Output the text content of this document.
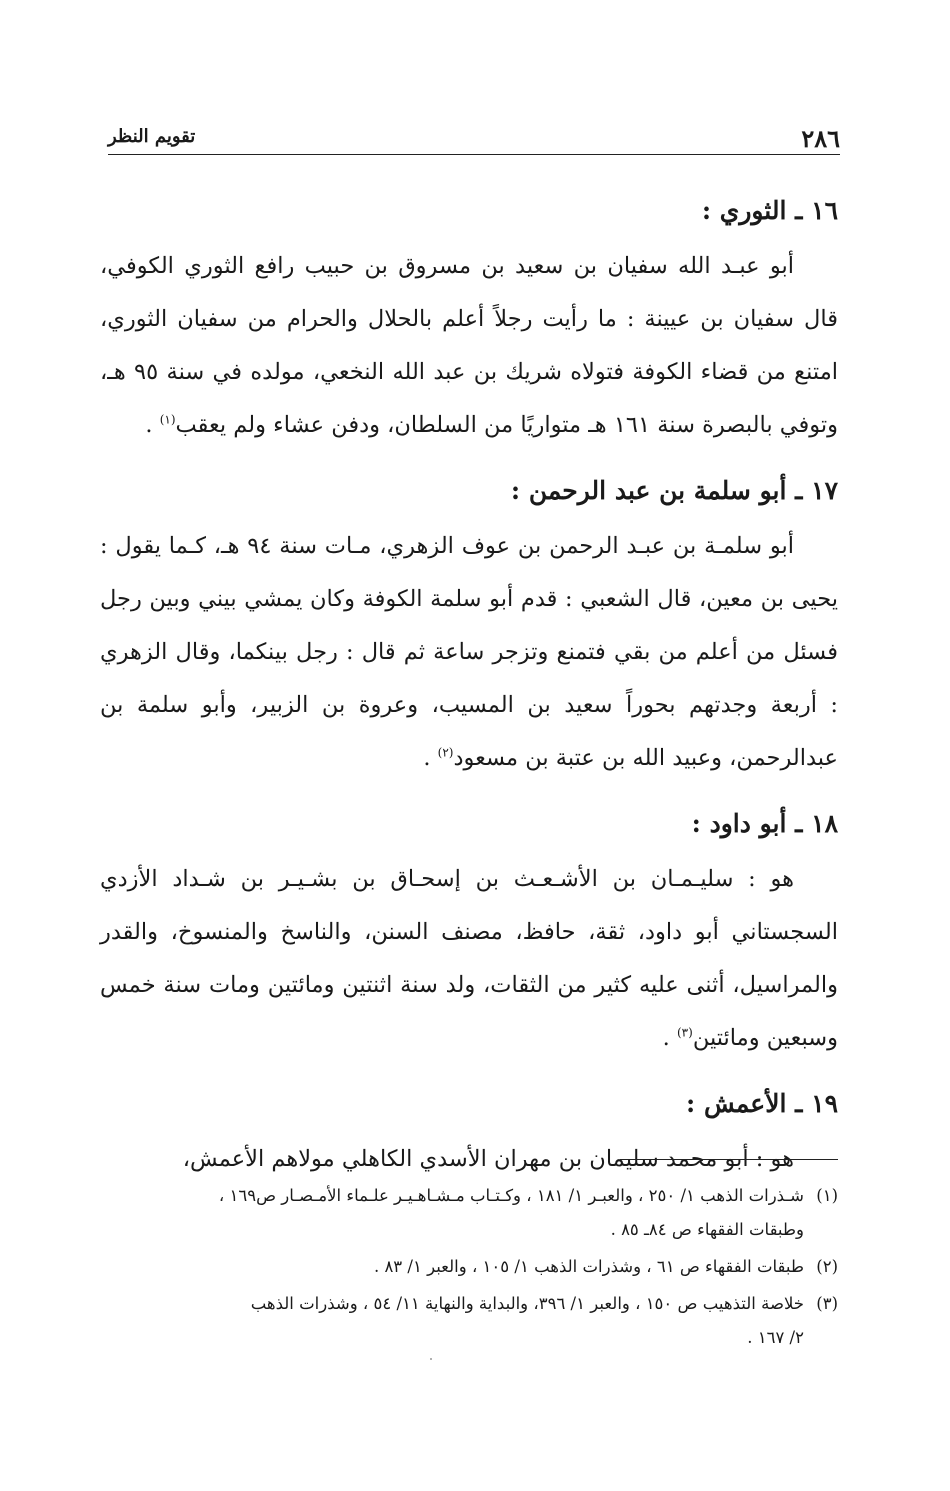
٢٨٦
تقويم النظر
١٦ ـ الثوري :

أبو عبـد الله سفيان بن سعيد بن مسروق بن حبيب رافع الثوري الكوفي، قال سفيان بن عيينة : ما رأيت رجلاً أعلم بالحلال والحرام من سفيان الثوري، امتنع من قضاء الكوفة فتولاه شريك بن عبد الله النخعي، مولده في سنة ٩٥ هـ، وتوفي بالبصرة سنة ١٦١ هـ متواريًا من السلطان، ودفن عشاء ولم يعقب$^{(١)}$ .

١٧ ـ أبو سلمة بن عبد الرحمن :

أبو سلمـة بن عبـد الرحمن بن عوف الزهري، مـات سنة ٩٤ هـ، كـما يقول : يحيى بن معين، قال الشعبي : قدم أبو سلمة الكوفة وكان يمشي بيني وبين رجل فسئل من أعلم من بقي فتمنع وتزجر ساعة ثم قال : رجل بينكما، وقال الزهري : أربعة وجدتهم بحوراً سعيد بن المسيب، وعروة بن الزبير، وأبو سلمة بن عبدالرحمن، وعبيد الله بن عتبة بن مسعود$^{(٢)}$ .

١٨ ـ أبو داود :

هو : سليـمـان بن الأشـعـث بن إسحـاق بن بشـيـر بن شـداد الأزدي السجستاني أبو داود، ثقة، حافظ، مصنف السنن، والناسخ والمنسوخ، والقدر والمراسيل، أثنى عليه كثير من الثقات، ولد سنة اثنتين ومائتين ومات سنة خمس وسبعين ومائتين$^{(٣)}$ .

١٩ ـ الأعمش :

هو : أبو محمد سليمان بن مهران الأسدي الكاهلي مولاهم الأعمش،

(١)شـذرات الذهب ١/ ٢٥٠ ، والعبـر ١/ ١٨١ ، وكـتـاب مـشـاهـيـر علـماء الأمـصـار ص١٦٩ ،
وطبقات الفقهاء ص ٨٤ـ ٨٥ .

(٢)طبقات الفقهاء ص ٦١ ، وشذرات الذهب ١/ ١٠٥ ، والعبر ١/ ٨٣ .

(٣)خلاصة التذهيب ص ١٥٠ ، والعبر ١/ ٣٩٦، والبداية والنهاية ١١/ ٥٤ ، وشذرات الذهب
٢/ ١٦٧ .
